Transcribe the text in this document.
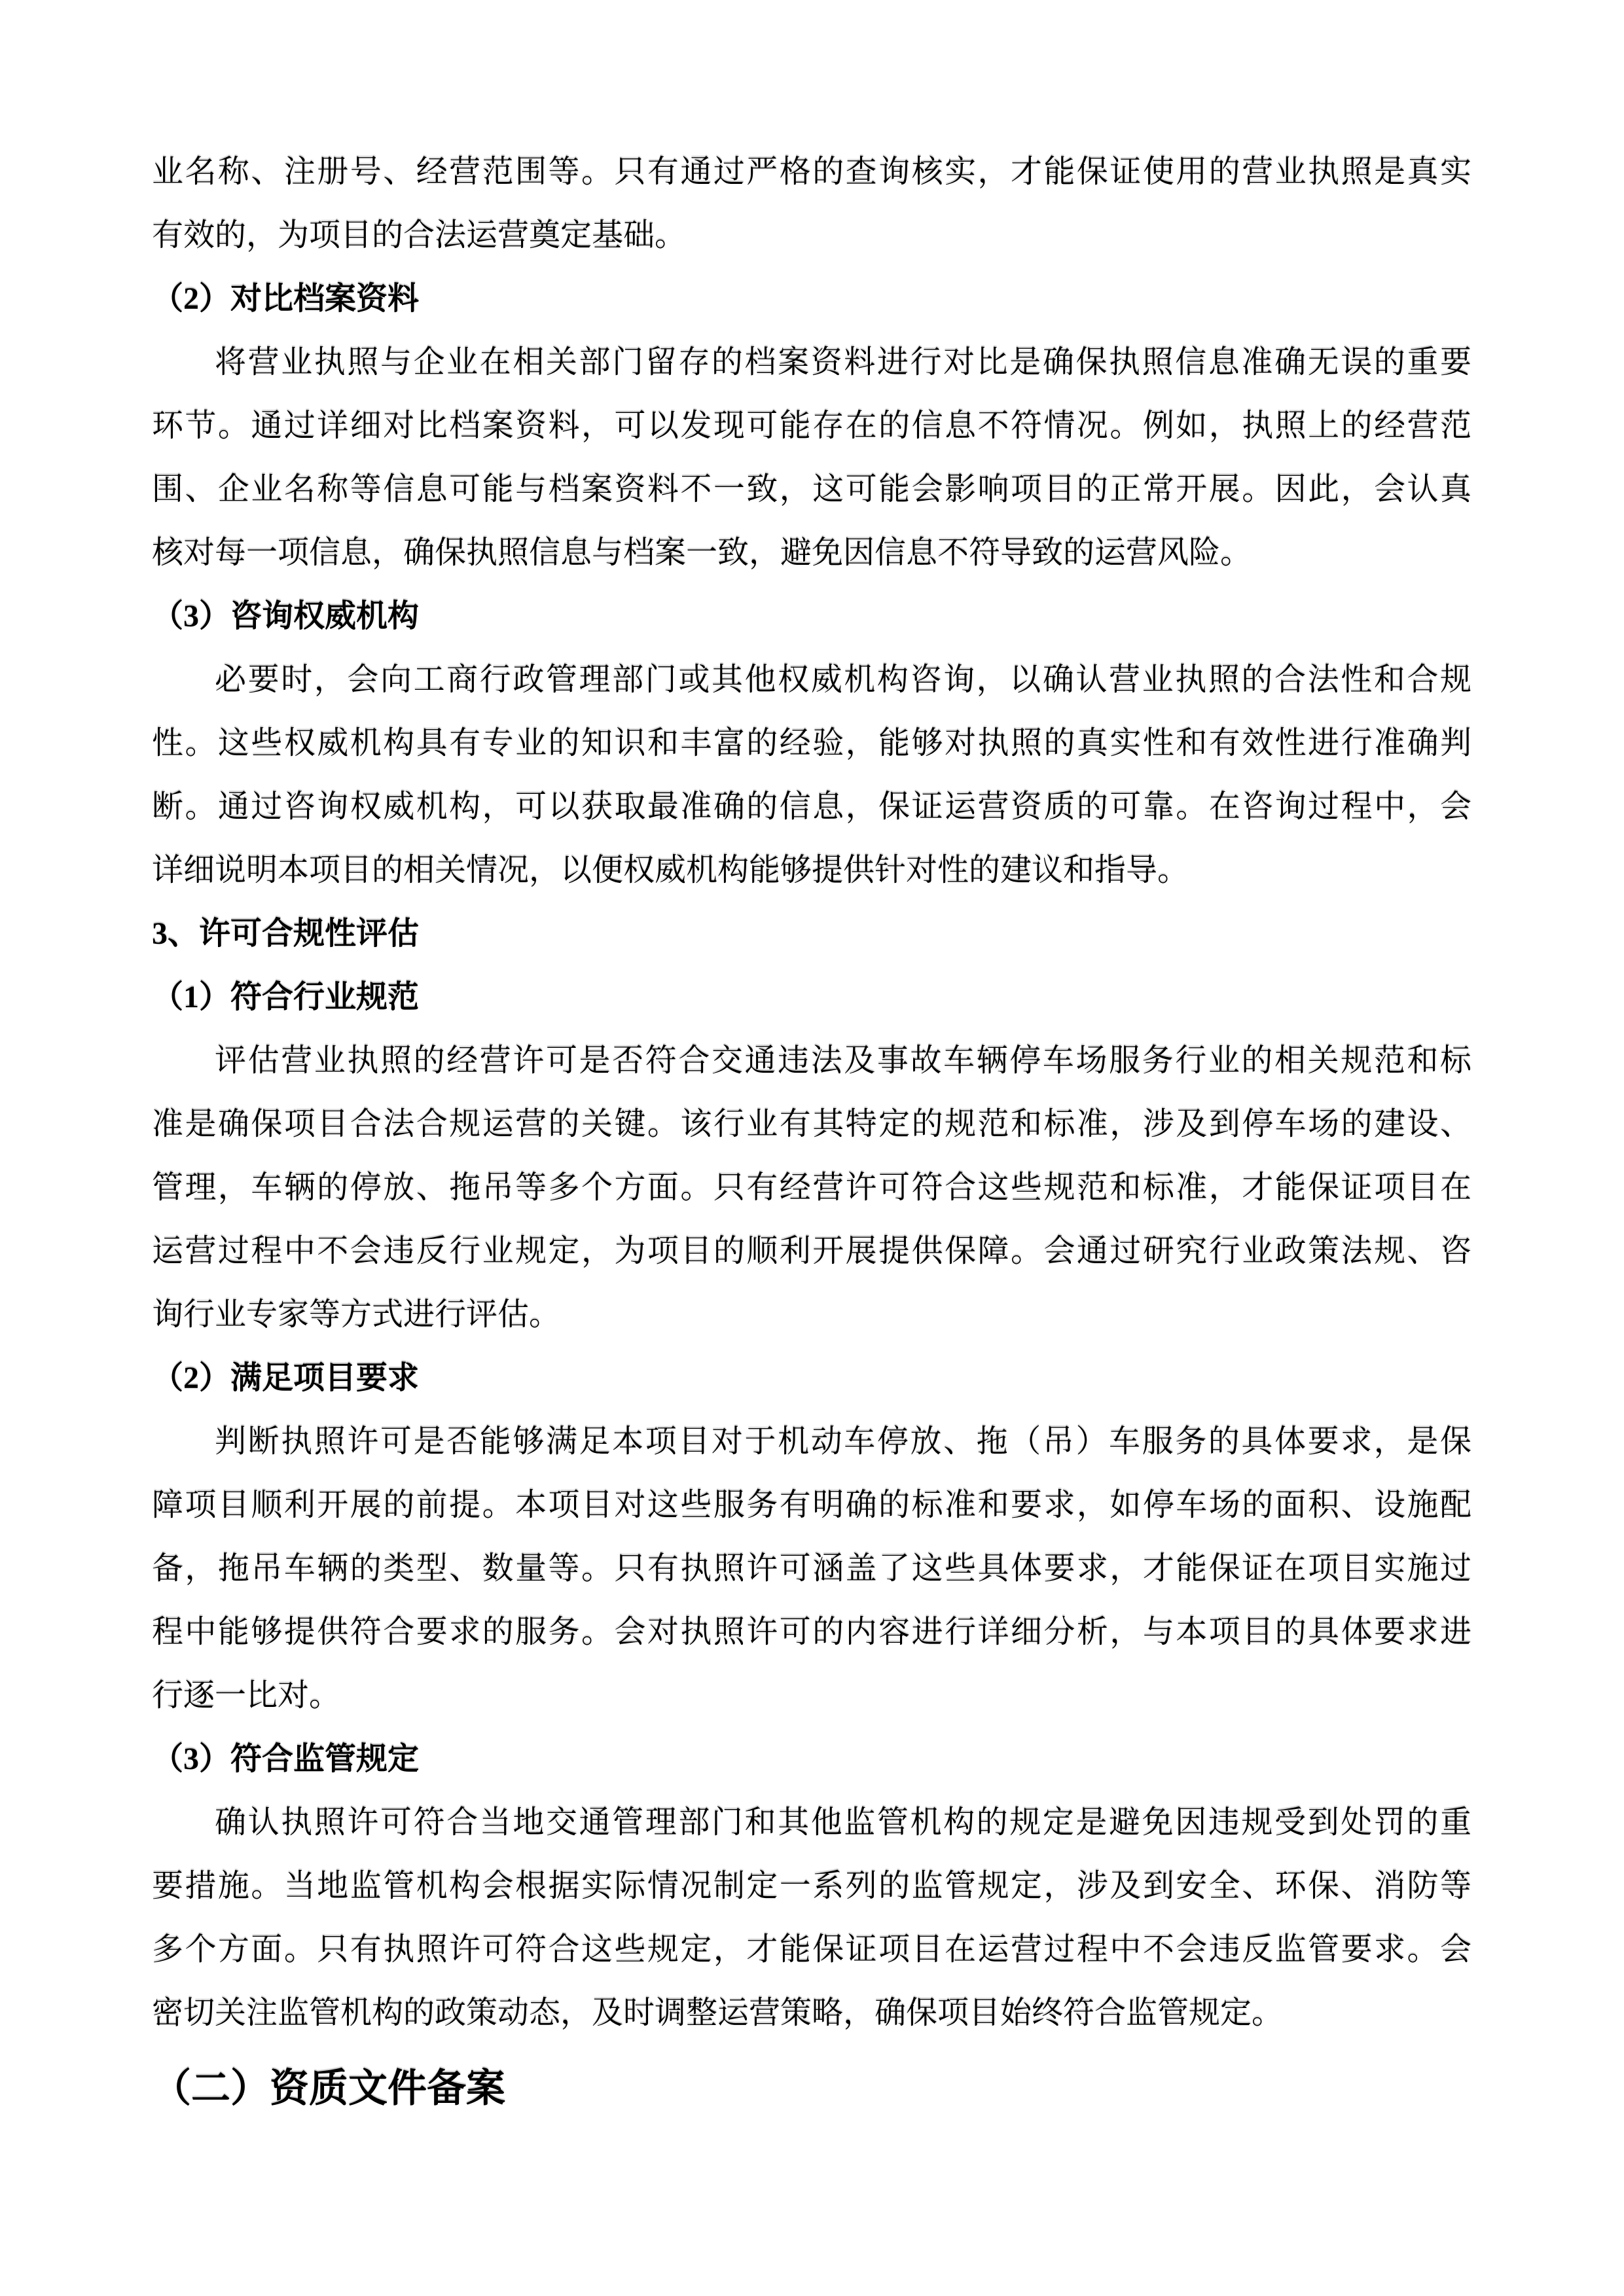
业名称、注册号、经营范围等。只有通过严格的查询核实，才能保证使用的营业执照是真实
有效的，为项目的合法运营奠定基础。
（2）对比档案资料
将营业执照与企业在相关部门留存的档案资料进行对比是确保执照信息准确无误的重要
环节。通过详细对比档案资料，可以发现可能存在的信息不符情况。例如，执照上的经营范
围、企业名称等信息可能与档案资料不一致，这可能会影响项目的正常开展。因此，会认真
核对每一项信息，确保执照信息与档案一致，避免因信息不符导致的运营风险。
（3）咨询权威机构
必要时，会向工商行政管理部门或其他权威机构咨询，以确认营业执照的合法性和合规
性。这些权威机构具有专业的知识和丰富的经验，能够对执照的真实性和有效性进行准确判
断。通过咨询权威机构，可以获取最准确的信息，保证运营资质的可靠。在咨询过程中，会
详细说明本项目的相关情况，以便权威机构能够提供针对性的建议和指导。
3、许可合规性评估
（1）符合行业规范
评估营业执照的经营许可是否符合交通违法及事故车辆停车场服务行业的相关规范和标
准是确保项目合法合规运营的关键。该行业有其特定的规范和标准，涉及到停车场的建设、
管理，车辆的停放、拖吊等多个方面。只有经营许可符合这些规范和标准，才能保证项目在
运营过程中不会违反行业规定，为项目的顺利开展提供保障。会通过研究行业政策法规、咨
询行业专家等方式进行评估。
（2）满足项目要求
判断执照许可是否能够满足本项目对于机动车停放、拖（吊）车服务的具体要求，是保
障项目顺利开展的前提。本项目对这些服务有明确的标准和要求，如停车场的面积、设施配
备，拖吊车辆的类型、数量等。只有执照许可涵盖了这些具体要求，才能保证在项目实施过
程中能够提供符合要求的服务。会对执照许可的内容进行详细分析，与本项目的具体要求进
行逐一比对。
（3）符合监管规定
确认执照许可符合当地交通管理部门和其他监管机构的规定是避免因违规受到处罚的重
要措施。当地监管机构会根据实际情况制定一系列的监管规定，涉及到安全、环保、消防等
多个方面。只有执照许可符合这些规定，才能保证项目在运营过程中不会违反监管要求。会
密切关注监管机构的政策动态，及时调整运营策略，确保项目始终符合监管规定。
（二）资质文件备案
